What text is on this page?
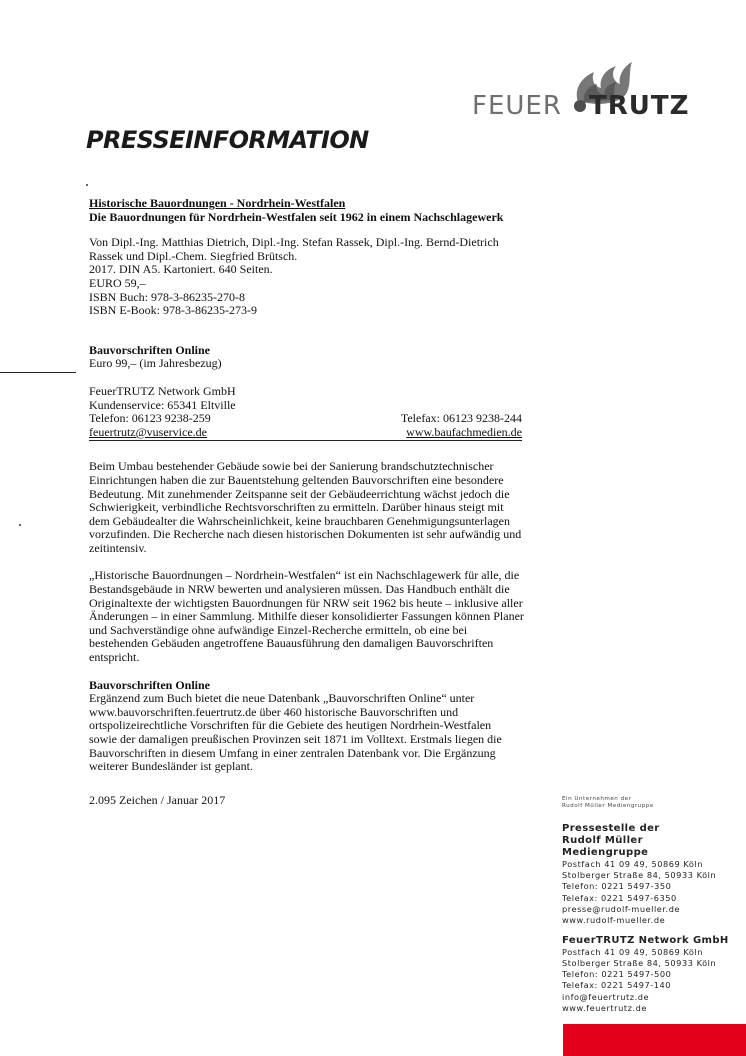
FEUER TRUTZ
PRESSEINFORMATION

Historische Bauordnungen - Nordrhein-Westfalen

Die Bauordnungen für Nordrhein-Westfalen seit 1962 in einem Nachschlagewerk

Von Dipl.-Ing. Matthias Dietrich, Dipl.-Ing. Stefan Rassek, Dipl.-Ing. Bernd-Dietrich

Rassek und Dipl.-Chem. Siegfried Brütsch.

2017. DIN A5. Kartoniert. 640 Seiten.

EURO 59,–

ISBN Buch: 978-3-86235-270-8

ISBN E-Book: 978-3-86235-273-9

Bauvorschriften Online

Euro 99,– (im Jahresbezug)

FeuerTRUTZ Network GmbH

Kundenservice: 65341 Eltville

Telefon: 06123 9238-259	Telefax: 06123 9238-244
feuertrutz@vuservice.de	www.baufachmedien.de

Beim Umbau bestehender Gebäude sowie bei der Sanierung brandschutztechnischer

Einrichtungen haben die zur Bauentstehung geltenden Bauvorschriften eine besondere

Bedeutung. Mit zunehmender Zeitspanne seit der Gebäudeerrichtung wächst jedoch die

Schwierigkeit, verbindliche Rechtsvorschriften zu ermitteln. Darüber hinaus steigt mit

dem Gebäudealter die Wahrscheinlichkeit, keine brauchbaren Genehmigungsunterlagen

vorzufinden. Die Recherche nach diesen historischen Dokumenten ist sehr aufwändig und

zeitintensiv.

„Historische Bauordnungen – Nordrhein-Westfalen“ ist ein Nachschlagewerk für alle, die

Bestandsgebäude in NRW bewerten und analysieren müssen. Das Handbuch enthält die

Originaltexte der wichtigsten Bauordnungen für NRW seit 1962 bis heute – inklusive aller

Änderungen – in einer Sammlung. Mithilfe dieser konsolidierter Fassungen können Planer

und Sachverständige ohne aufwändige Einzel-Recherche ermitteln, ob eine bei

bestehenden Gebäuden angetroffene Bauausführung den damaligen Bauvorschriften

entspricht.

Bauvorschriften Online

Ergänzend zum Buch bietet die neue Datenbank „Bauvorschriften Online“ unter

www.bauvorschriften.feuertrutz.de über 460 historische Bauvorschriften und

ortspolizeirechtliche Vorschriften für die Gebiete des heutigen Nordrhein-Westfalen

sowie der damaligen preußischen Provinzen seit 1871 im Volltext. Erstmals liegen die

Bauvorschriften in diesem Umfang in einer zentralen Datenbank vor. Die Ergänzung

weiterer Bundesländer ist geplant.

2.095 Zeichen / Januar 2017	Ein Unternehmen der
Rudolf Müller Mediengruppe
Pressestelle der
Rudolf Müller
Mediengruppe
Postfach 41 09 49, 50869 Köln
Stolberger Straße 84, 50933 Köln
Telefon: 0221 5497-350
Telefax: 0221 5497-6350
presse@rudolf-mueller.de
www.rudolf-mueller.de
FeuerTRUTZ Network GmbH
Postfach 41 09 49, 50869 Köln
Stolberger Straße 84, 50933 Köln
Telefon: 0221 5497-500
Telefax: 0221 5497-140
info@feuertrutz.de
www.feuertrutz.de
